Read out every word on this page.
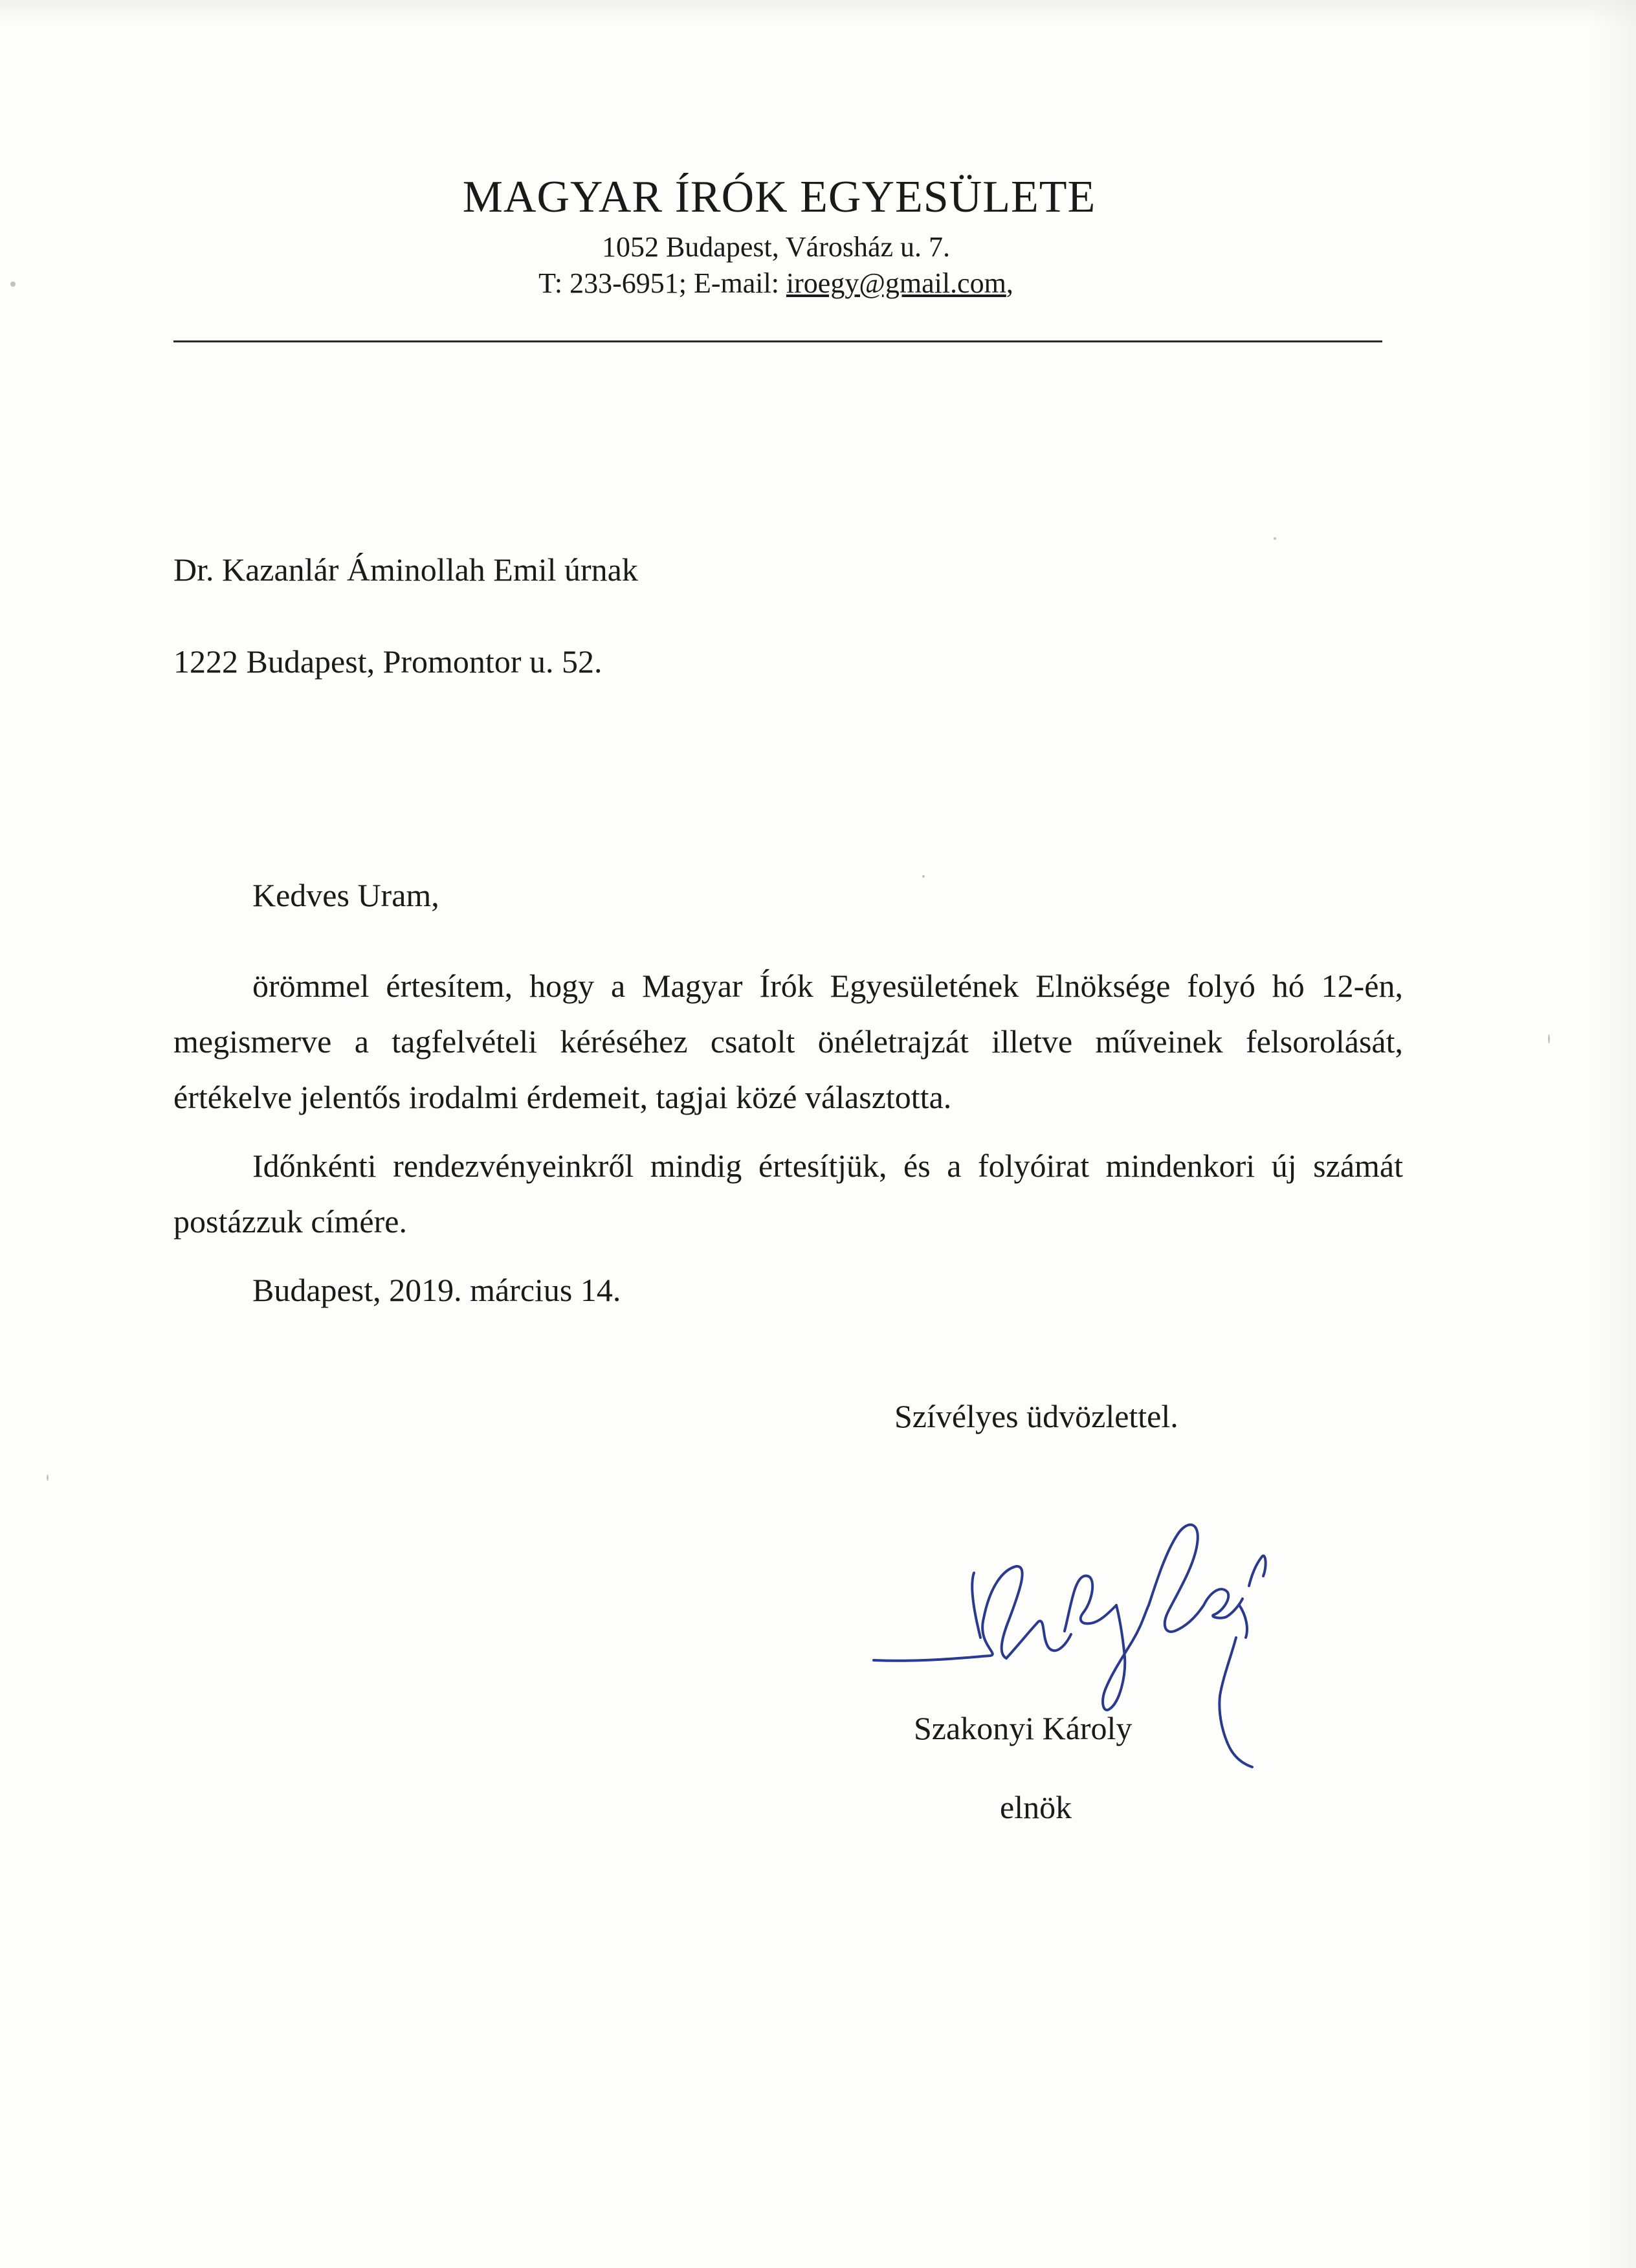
MAGYAR ÍRÓK EGYESÜLETE
1052 Budapest, Városház u. 7.
T: 233-6951; E-mail: iroegy@gmail.com,
Dr. Kazanlár Áminollah Emil úrnak
1222 Budapest, Promontor u. 52.
Kedves Uram,
örömmel értesítem, hogy a Magyar Írók Egyesületének Elnöksége folyó hó 12-én, megismerve a tagfelvételi kéréséhez csatolt önéletrajzát illetve műveinek felsorolását, értékelve jelentős irodalmi érdemeit, tagjai közé választotta.
Időnkénti rendezvényeinkről mindig értesítjük, és a folyóirat mindenkori új számát postázzuk címére.
Budapest, 2019. március 14.
Szívélyes üdvözlettel.
Szakonyi Károly
elnök
